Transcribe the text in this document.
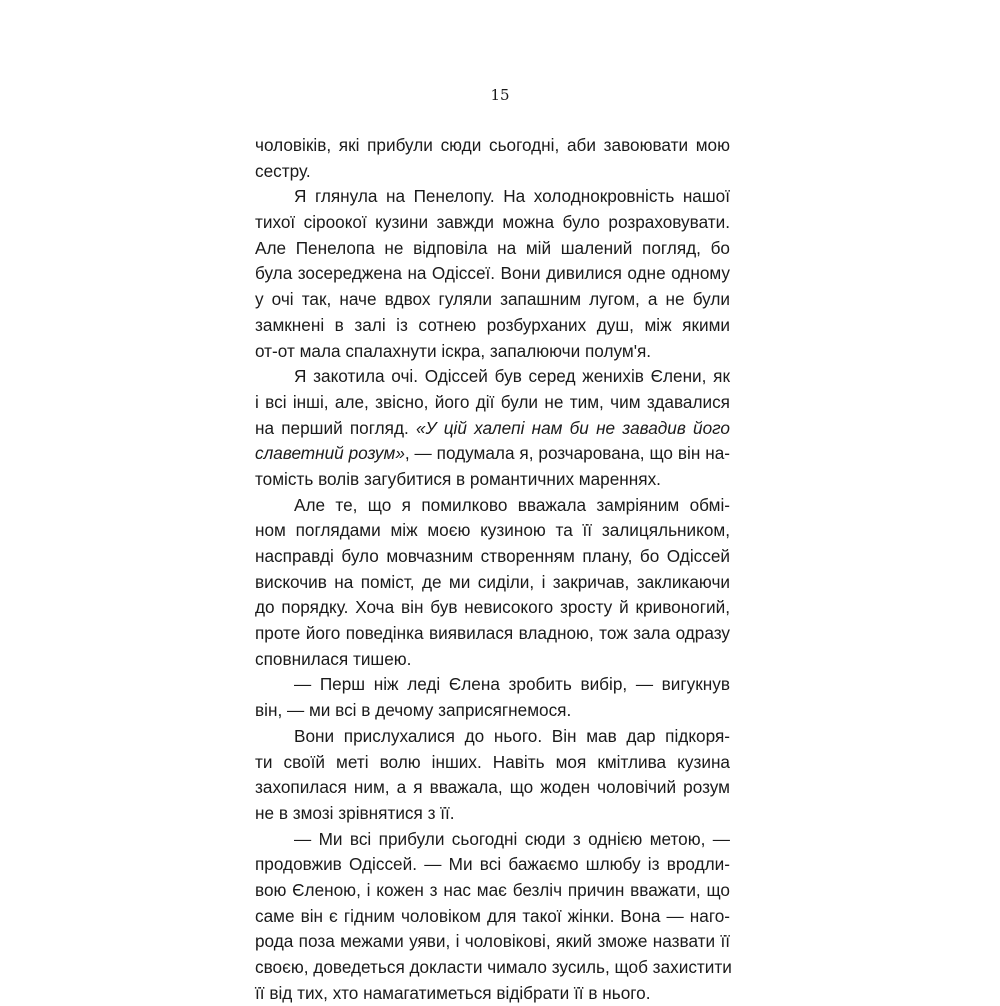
15
чоловіків, які прибули сюди сьогодні, аби завоювати мою
сестру.
Я глянула на Пенелопу. На холоднокровність нашої
тихої сіроокої кузини завжди можна було розраховувати.
Але Пенелопа не відповіла на мій шалений погляд, бо
була зосереджена на Одіссеї. Вони дивилися одне одному
у очі так, наче вдвох гуляли запашним лугом, а не були
замкнені в залі із сотнею розбурханих душ, між якими
от-от мала спалахнути іскра, запалюючи полум'я.
Я закотила очі. Одіссей був серед женихів Єлени, як
і всі інші, але, звісно, його дії були не тим, чим здавалися
на перший погляд. «У цій халепі нам би не завадив його
славетний розум», — подумала я, розчарована, що він на-
томість волів загубитися в романтичних мареннях.
Але те, що я помилково вважала замріяним обмі-
ном поглядами між моєю кузиною та її залицяльником,
насправді було мовчазним створенням плану, бо Одіссей
вискочив на поміст, де ми сиділи, і закричав, закликаючи
до порядку. Хоча він був невисокого зросту й кривоногий,
проте його поведінка виявилася владною, тож зала одразу
сповнилася тишею.
— Перш ніж леді Єлена зробить вибір, — вигукнув
він, — ми всі в дечому заприсягнемося.
Вони прислухалися до нього. Він мав дар підкоря-
ти своїй меті волю інших. Навіть моя кмітлива кузина
захопилася ним, а я вважала, що жоден чоловічий розум
не в змозі зрівнятися з її.
— Ми всі прибули сьогодні сюди з однією метою, —
продовжив Одіссей. — Ми всі бажаємо шлюбу із вродли-
вою Єленою, і кожен з нас має безліч причин вважати, що
саме він є гідним чоловіком для такої жінки. Вона — наго-
рода поза межами уяви, і чоловікові, який зможе назвати її
своєю, доведеться докласти чимало зусиль, щоб захистити
її від тих, хто намагатиметься відібрати її в нього.
